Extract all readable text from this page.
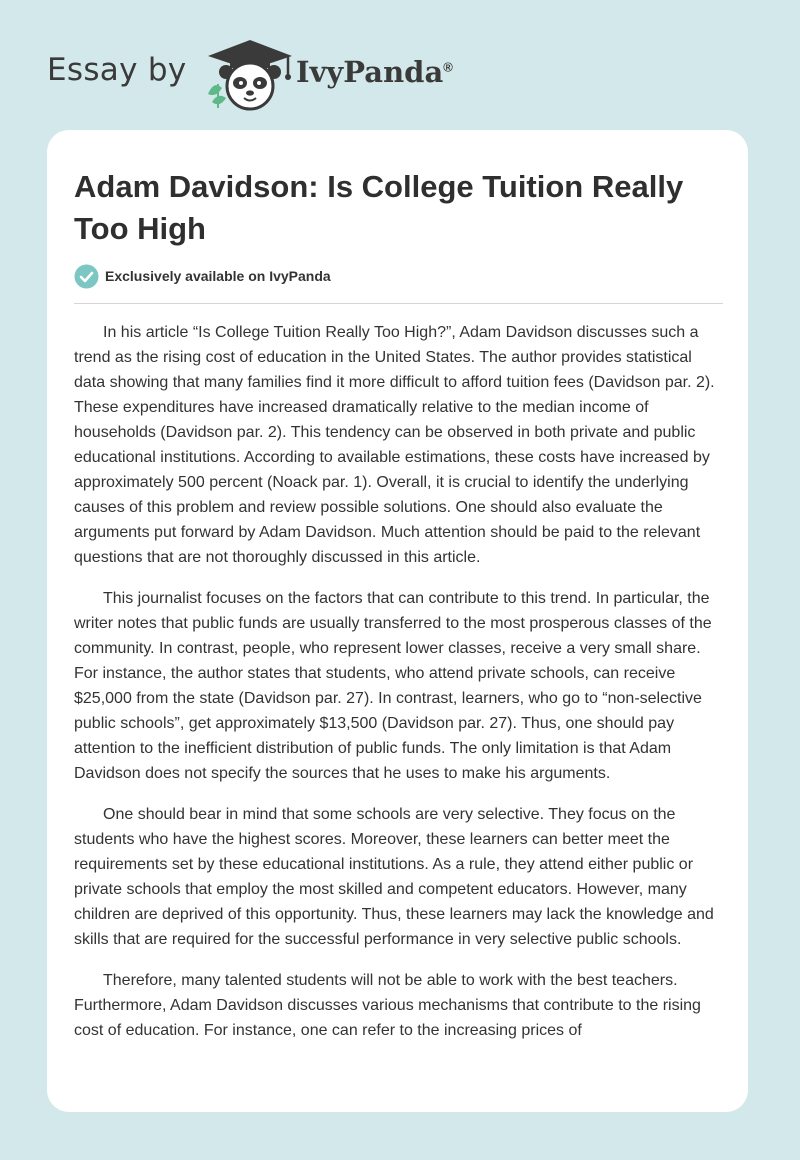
Essay by	IvyPanda®
Adam Davidson: Is College Tuition Really Too High
Exclusively available on IvyPanda

In his article “Is College Tuition Really Too High?”, Adam Davidson discusses such a trend as the rising cost of education in the United States. The author provides statistical data showing that many families find it more difficult to afford tuition fees (Davidson par. 2). These expenditures have increased dramatically relative to the median income of households (Davidson par. 2). This tendency can be observed in both private and public educational institutions. According to available estimations, these costs have increased by approximately 500 percent (Noack par. 1). Overall, it is crucial to identify the underlying causes of this problem and review possible solutions. One should also evaluate the arguments put forward by Adam Davidson. Much attention should be paid to the relevant questions that are not thoroughly discussed in this article.

This journalist focuses on the factors that can contribute to this trend. In particular, the writer notes that public funds are usually transferred to the most prosperous classes of the community. In contrast, people, who represent lower classes, receive a very small share. For instance, the author states that students, who attend private schools, can receive $25,000 from the state (Davidson par. 27). In contrast, learners, who go to “non-selective public schools”, get approximately $13,500 (Davidson par. 27). Thus, one should pay attention to the inefficient distribution of public funds. The only limitation is that Adam Davidson does not specify the sources that he uses to make his arguments.

One should bear in mind that some schools are very selective. They focus on the students who have the highest scores. Moreover, these learners can better meet the requirements set by these educational institutions. As a rule, they attend either public or private schools that employ the most skilled and competent educators. However, many children are deprived of this opportunity. Thus, these learners may lack the knowledge and skills that are required for the successful performance in very selective public schools.

Therefore, many talented students will not be able to work with the best teachers. Furthermore, Adam Davidson discusses various mechanisms that contribute to the rising cost of education. For instance, one can refer to the increasing prices of
